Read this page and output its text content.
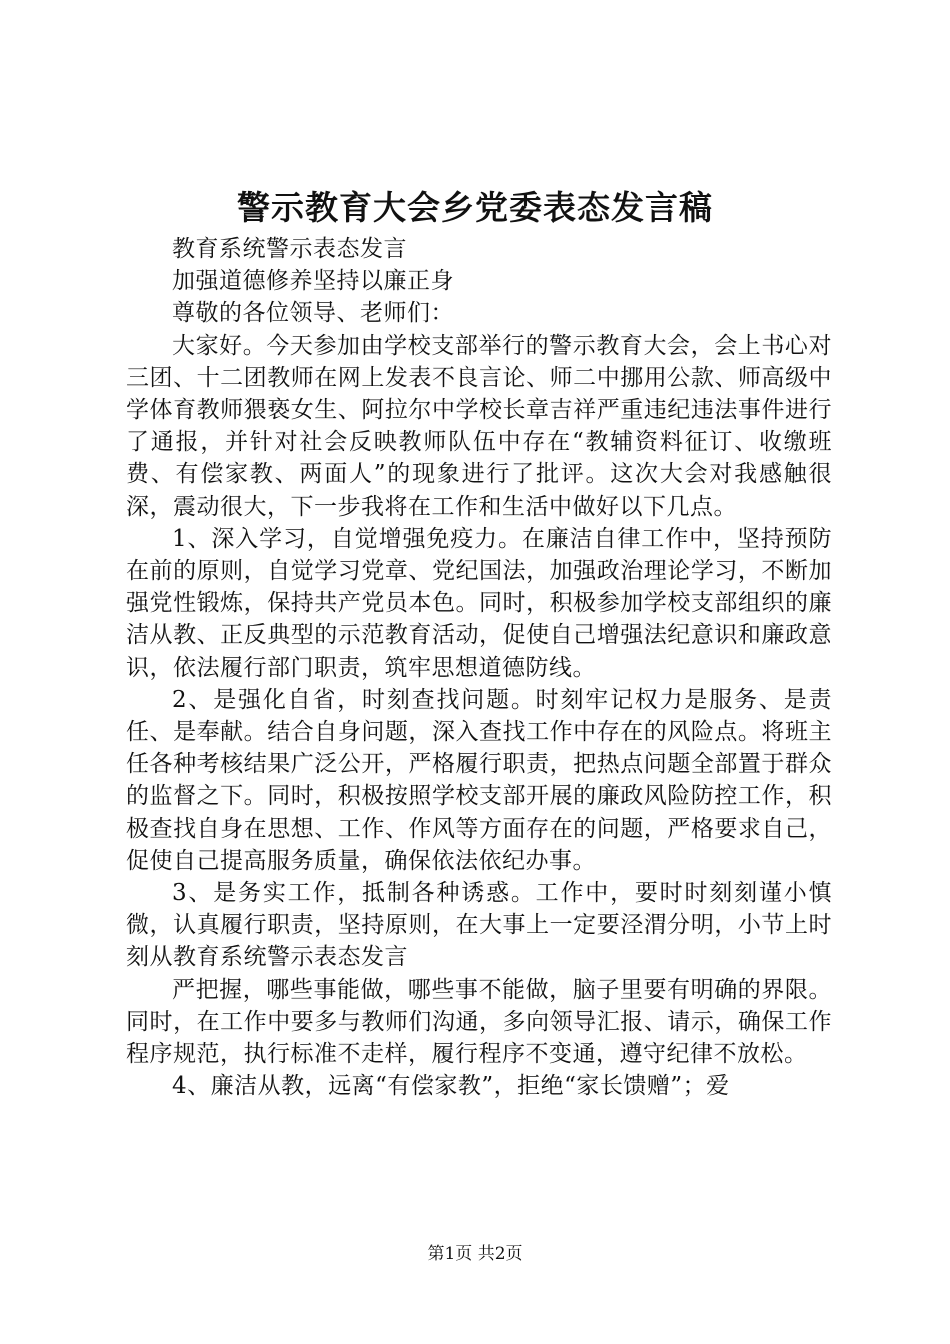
警示教育大会乡党委表态发言稿

教育系统警示表态发言

加强道德修养坚持以廉正身

尊敬的各位领导、老师们：

大家好。今天参加由学校支部举行的警示教育大会，会上书心对三团、十二团教师在网上发表不良言论、师二中挪用公款、师高级中学体育教师猥亵女生、阿拉尔中学校长章吉祥严重违纪违法事件进行了通报，并针对社会反映教师队伍中存在“教辅资料征订、收缴班费、有偿家教、两面人”的现象进行了批评。这次大会对我感触很深，震动很大，下一步我将在工作和生活中做好以下几点。

1、深入学习，自觉增强免疫力。在廉洁自律工作中，坚持预防在前的原则，自觉学习党章、党纪国法，加强政治理论学习，不断加强党性锻炼，保持共产党员本色。同时，积极参加学校支部组织的廉洁从教、正反典型的示范教育活动，促使自己增强法纪意识和廉政意识，依法履行部门职责，筑牢思想道德防线。

2、是强化自省，时刻查找问题。时刻牢记权力是服务、是责任、是奉献。结合自身问题，深入查找工作中存在的风险点。将班主任各种考核结果广泛公开，严格履行职责，把热点问题全部置于群众的监督之下。同时，积极按照学校支部开展的廉政风险防控工作，积极查找自身在思想、工作、作风等方面存在的问题，严格要求自己，促使自己提高服务质量，确保依法依纪办事。

3、是务实工作，抵制各种诱惑。工作中，要时时刻刻谨小慎微，认真履行职责，坚持原则，在大事上一定要泾渭分明，小节上时刻从教育系统警示表态发言

严把握，哪些事能做，哪些事不能做，脑子里要有明确的界限。同时，在工作中要多与教师们沟通，多向领导汇报、请示，确保工作程序规范，执行标准不走样，履行程序不变通，遵守纪律不放松。

4、廉洁从教，远离“有偿家教”，拒绝“家长馈赠”；爱

第1页 共2页
